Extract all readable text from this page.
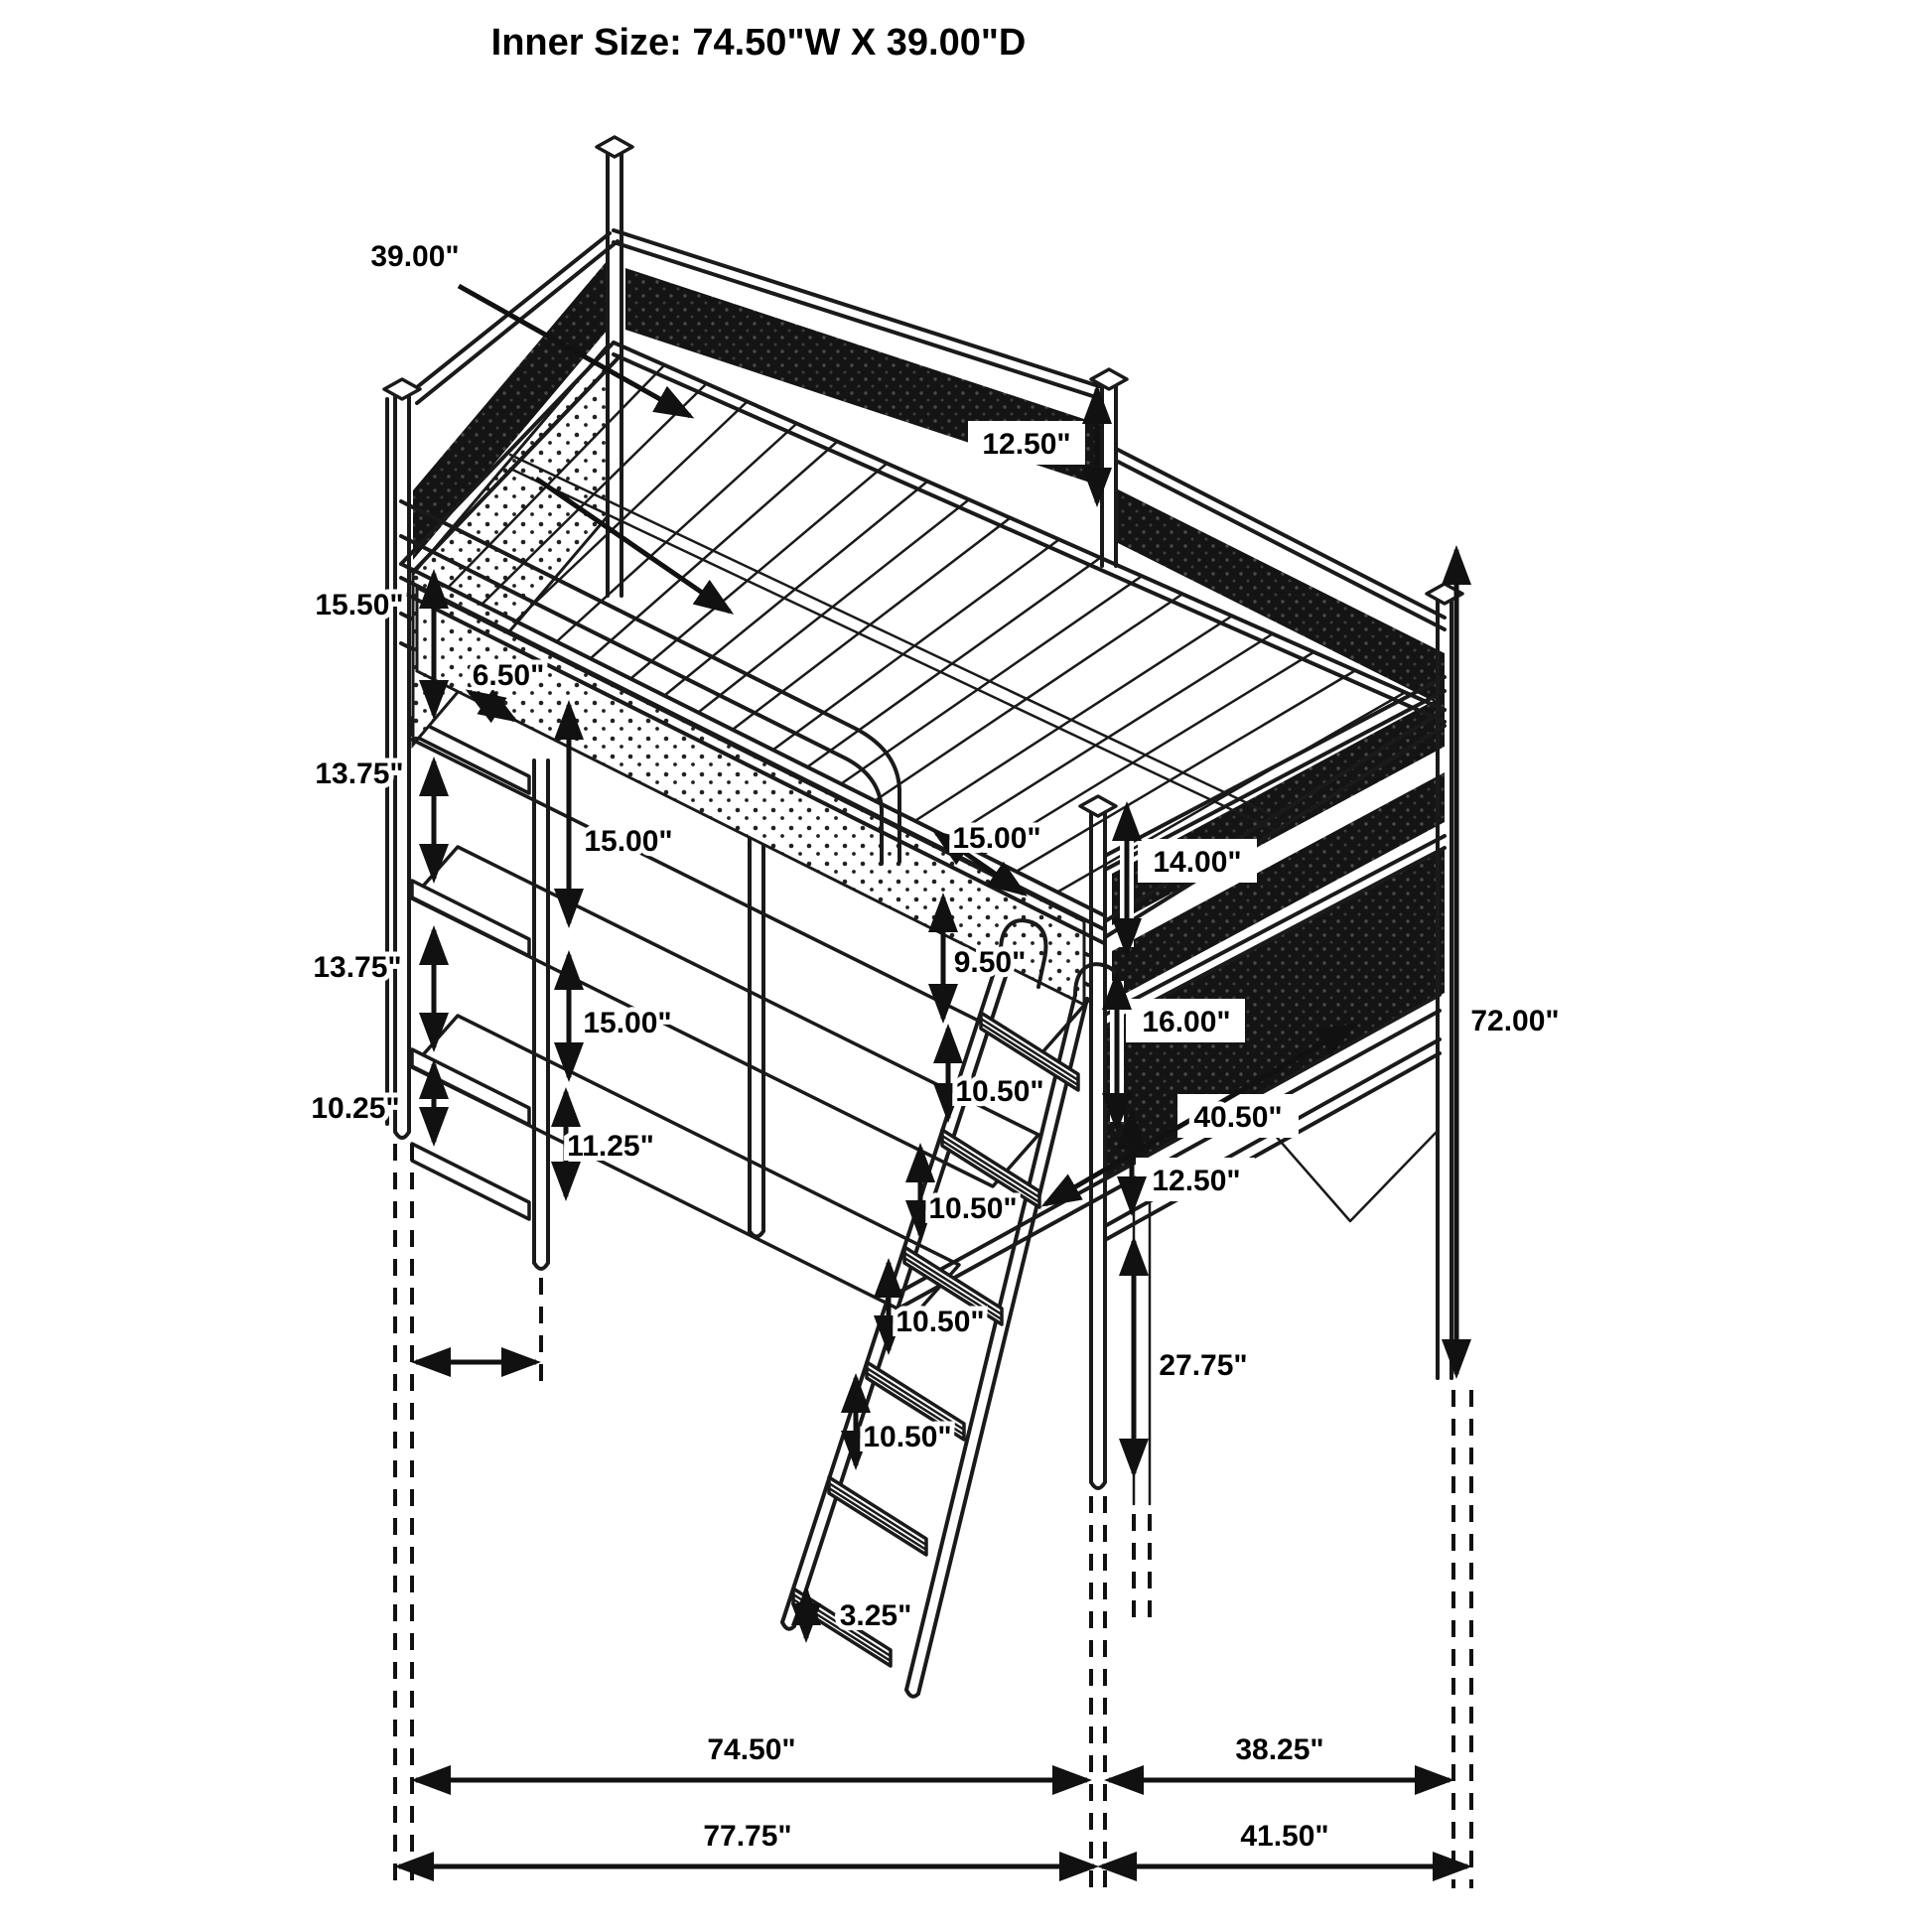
Inner Size: 74.50"W X 39.00"D
39.00"
12.50"
15.50"
6.50"
13.75"
13.75"
10.25"
15.00"
15.00"
11.25"
15.00"
14.00"
9.50"
16.00"
10.50"
10.50"
10.50"
10.50"
3.25"
40.50"
12.50"
27.75"
72.00"
74.50"	38.25"
77.75"	41.50"
